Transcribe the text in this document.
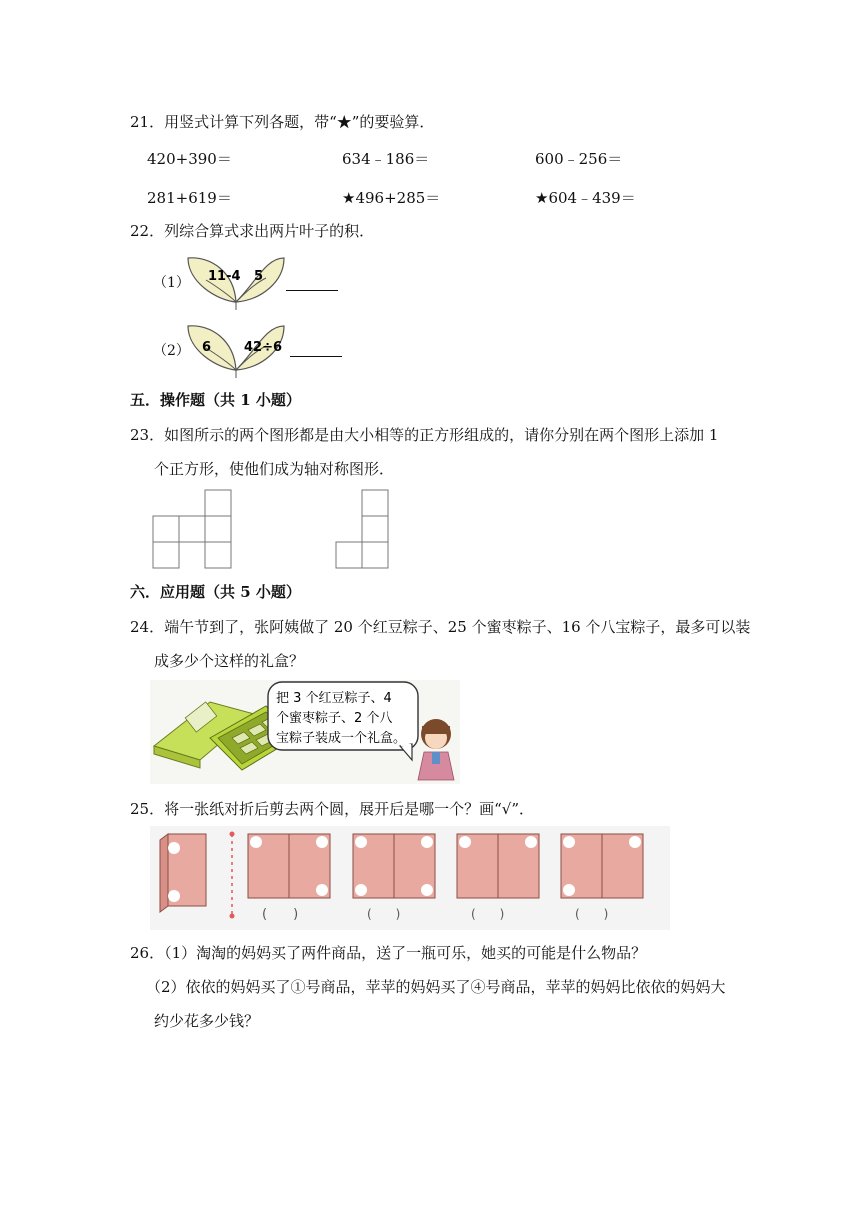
21．用竖式计算下列各题，带“★”的要验算．
420+390＝	634﹣186＝	600﹣256＝
281+619＝	★496+285＝	★604﹣439＝
22．列综合算式求出两片叶子的积．
（1） 11-4 5
（2） 6	42÷6
五．操作题（共 1 小题）
23．如图所示的两个图形都是由大小相等的正方形组成的，请你分别在两个图形上添加 1
个正方形，使他们成为轴对称图形．
六．应用题（共 5 小题）
24．端午节到了，张阿姨做了 20 个红豆粽子、25 个蜜枣粽子、16 个八宝粽子，最多可以装
成多少个这样的礼盒？
把 3 个红豆粽子、4
个蜜枣粽子、2 个八
宝粽子装成一个礼盒。
25．将一张纸对折后剪去两个圆，展开后是哪一个？画“√”．
(　　)	(　　)	(　　)	(　　)
26．（1）淘淘的妈妈买了两件商品，送了一瓶可乐，她买的可能是什么物品？
（2）依依的妈妈买了①号商品，苹苹的妈妈买了④号商品，苹苹的妈妈比依依的妈妈大
约少花多少钱？
